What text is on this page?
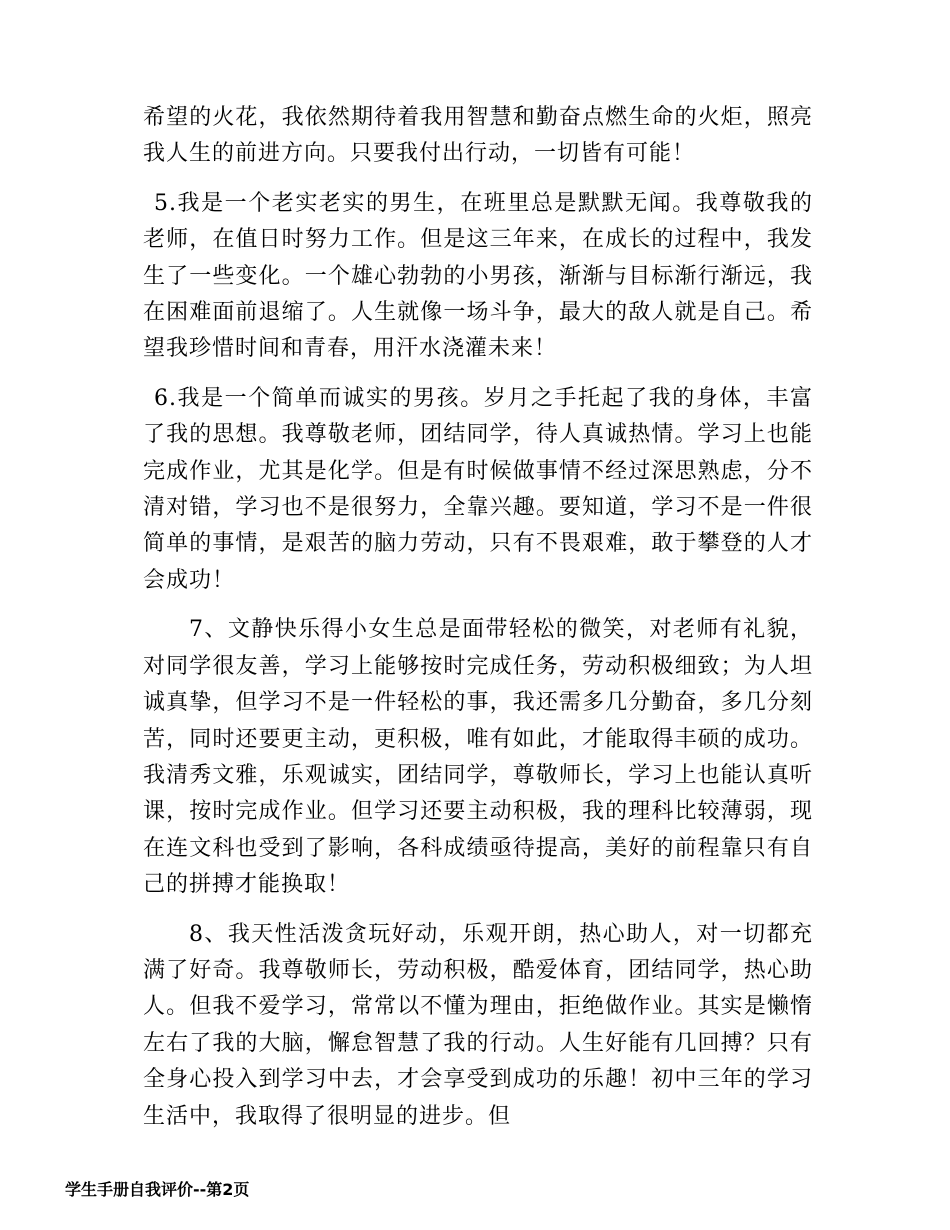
希望的火花，我依然期待着我用智慧和勤奋点燃生命的火炬，照亮我人生的前进方向。只要我付出行动，一切皆有可能！

5.我是一个老实老实的男生，在班里总是默默无闻。我尊敬我的老师，在值日时努力工作。但是这三年来，在成长的过程中，我发生了一些变化。一个雄心勃勃的小男孩，渐渐与目标渐行渐远，我在困难面前退缩了。人生就像一场斗争，最大的敌人就是自己。希望我珍惜时间和青春，用汗水浇灌未来！

6.我是一个简单而诚实的男孩。岁月之手托起了我的身体，丰富了我的思想。我尊敬老师，团结同学，待人真诚热情。学习上也能完成作业，尤其是化学。但是有时候做事情不经过深思熟虑，分不清对错，学习也不是很努力，全靠兴趣。要知道，学习不是一件很简单的事情，是艰苦的脑力劳动，只有不畏艰难，敢于攀登的人才会成功！

7、文静快乐得小女生总是面带轻松的微笑，对老师有礼貌，对同学很友善，学习上能够按时完成任务，劳动积极细致；为人坦诚真挚，但学习不是一件轻松的事，我还需多几分勤奋，多几分刻苦，同时还要更主动，更积极，唯有如此，才能取得丰硕的成功。我清秀文雅，乐观诚实，团结同学，尊敬师长，学习上也能认真听课，按时完成作业。但学习还要主动积极，我的理科比较薄弱，现在连文科也受到了影响，各科成绩亟待提高，美好的前程靠只有自己的拼搏才能换取！

8、我天性活泼贪玩好动，乐观开朗，热心助人，对一切都充满了好奇。我尊敬师长，劳动积极，酷爱体育，团结同学，热心助人。但我不爱学习，常常以不懂为理由，拒绝做作业。其实是懒惰左右了我的大脑，懈怠智慧了我的行动。人生好能有几回搏？只有全身心投入到学习中去，才会享受到成功的乐趣！初中三年的学习生活中，我取得了很明显的进步。但

学生手册自我评价--第2页
